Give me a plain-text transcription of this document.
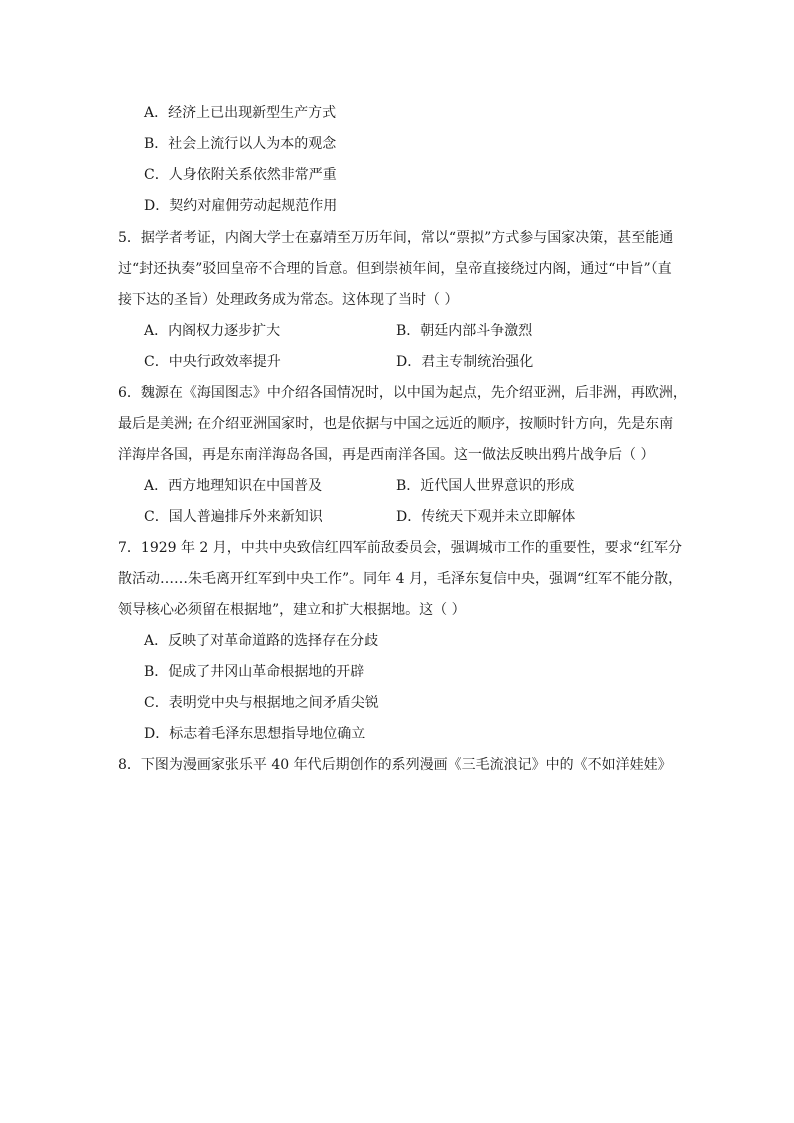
A．经济上已出现新型生产方式
B．社会上流行以人为本的观念
C．人身依附关系依然非常严重
D．契约对雇佣劳动起规范作用
5．据学者考证，内阁大学士在嘉靖至万历年间，常以“票拟”方式参与国家决策，甚至能通
过“封还执奏”驳回皇帝不合理的旨意。但到崇祯年间，皇帝直接绕过内阁，通过“中旨”（直
接下达的圣旨）处理政务成为常态。这体现了当时（ ）
A．内阁权力逐步扩大	B．朝廷内部斗争激烈
C．中央行政效率提升	D．君主专制统治强化
6．魏源在《海国图志》中介绍各国情况时，以中国为起点，先介绍亚洲，后非洲，再欧洲，
最后是美洲; 在介绍亚洲国家时，也是依据与中国之远近的顺序，按顺时针方向，先是东南
洋海岸各国，再是东南洋海岛各国，再是西南洋各国。这一做法反映出鸦片战争后（ ）
A．西方地理知识在中国普及	B．近代国人世界意识的形成
C．国人普遍排斥外来新知识	D．传统天下观并未立即解体
7．1929 年 2 月，中共中央致信红四军前敌委员会，强调城市工作的重要性，要求“红军分
散活动……朱毛离开红军到中央工作”。同年 4 月，毛泽东复信中央，强调“红军不能分散，
领导核心必须留在根据地”，建立和扩大根据地。这（ ）
A．反映了对革命道路的选择存在分歧
B．促成了井冈山革命根据地的开辟
C．表明党中央与根据地之间矛盾尖锐
D．标志着毛泽东思想指导地位确立
8．下图为漫画家张乐平 40 年代后期创作的系列漫画《三毛流浪记》中的《不如洋娃娃》
